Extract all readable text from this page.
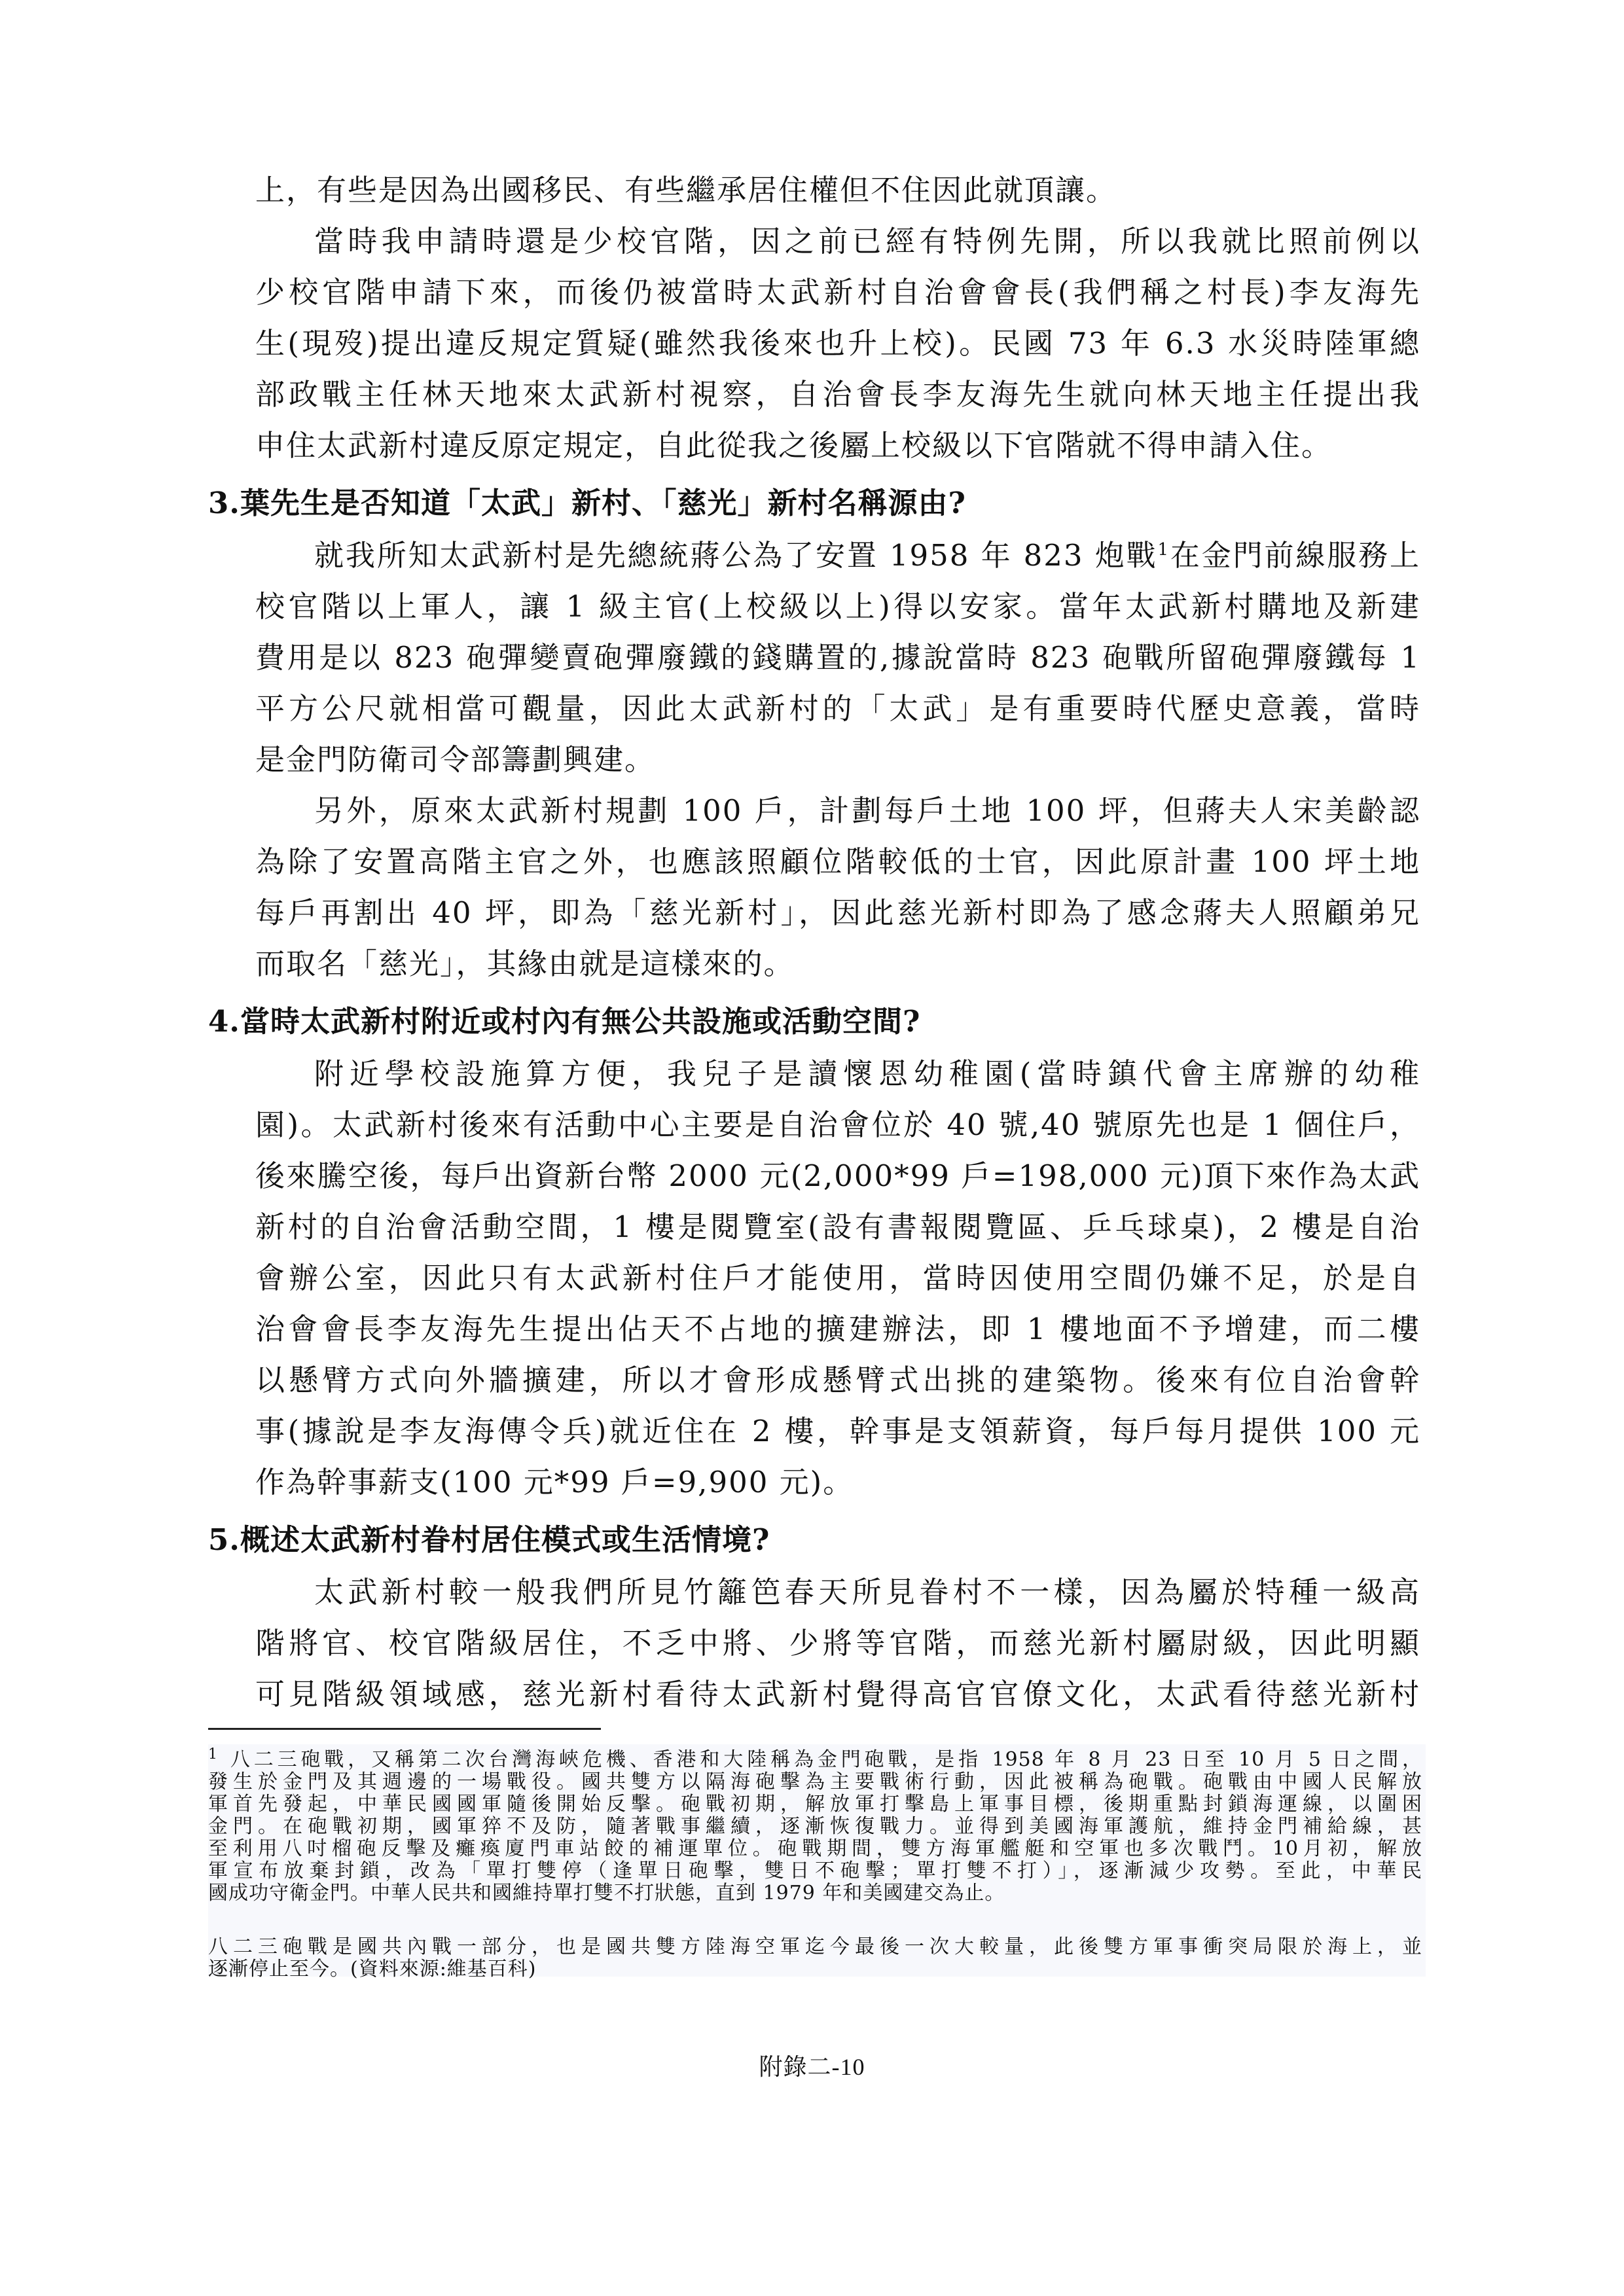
上，有些是因為出國移民、有些繼承居住權但不住因此就頂讓。
當時我申請時還是少校官階，因之前已經有特例先開，所以我就比照前例以
少校官階申請下來，而後仍被當時太武新村自治會會長(我們稱之村長)李友海先
生(現歿)提出違反規定質疑(雖然我後來也升上校)。民國 73 年 6.3 水災時陸軍總
部政戰主任林天地來太武新村視察，自治會長李友海先生就向林天地主任提出我
申住太武新村違反原定規定，自此從我之後屬上校級以下官階就不得申請入住。
3.葉先生是否知道「太武」新村、「慈光」新村名稱源由?
就我所知太武新村是先總統蔣公為了安置 1958 年 823 炮戰$^1$在金門前線服務上
校官階以上軍人，讓 1 級主官(上校級以上)得以安家。當年太武新村購地及新建
費用是以 823 砲彈變賣砲彈廢鐵的錢購置的,據說當時 823 砲戰所留砲彈廢鐵每 1
平方公尺就相當可觀量，因此太武新村的「太武」是有重要時代歷史意義，當時
是金門防衛司令部籌劃興建。
另外，原來太武新村規劃 100 戶，計劃每戶土地 100 坪，但蔣夫人宋美齡認
為除了安置高階主官之外，也應該照顧位階較低的士官，因此原計畫 100 坪土地
每戶再割出 40 坪，即為「慈光新村」，因此慈光新村即為了感念蔣夫人照顧弟兄
而取名「慈光」，其緣由就是這樣來的。
4.當時太武新村附近或村內有無公共設施或活動空間?
附近學校設施算方便，我兒子是讀懷恩幼稚園(當時鎮代會主席辦的幼稚
園)。太武新村後來有活動中心主要是自治會位於 40 號,40 號原先也是 1 個住戶，
後來騰空後，每戶出資新台幣 2000 元(2,000*99 戶=198,000 元)頂下來作為太武
新村的自治會活動空間，1 樓是閱覽室(設有書報閱覽區、乒乓球桌)，2 樓是自治
會辦公室，因此只有太武新村住戶才能使用，當時因使用空間仍嫌不足，於是自
治會會長李友海先生提出佔天不占地的擴建辦法，即 1 樓地面不予增建，而二樓
以懸臂方式向外牆擴建，所以才會形成懸臂式出挑的建築物。後來有位自治會幹
事(據說是李友海傳令兵)就近住在 2 樓，幹事是支領薪資，每戶每月提供 100 元
作為幹事薪支(100 元*99 戶=9,900 元)。
5.概述太武新村眷村居住模式或生活情境?
太武新村較一般我們所見竹籬笆春天所見眷村不一樣，因為屬於特種一級高
階將官、校官階級居住，不乏中將、少將等官階，而慈光新村屬尉級，因此明顯
可見階級領域感，慈光新村看待太武新村覺得高官官僚文化，太武看待慈光新村
$^1$ 八二三砲戰，又稱第二次台灣海峽危機、香港和大陸稱為金門砲戰，是指 1958 年 8 月 23 日至 10 月 5 日之間，
發生於金門及其週邊的一場戰役。國共雙方以隔海砲擊為主要戰術行動，因此被稱為砲戰。砲戰由中國人民解放
軍首先發起，中華民國國軍隨後開始反擊。砲戰初期，解放軍打擊島上軍事目標，後期重點封鎖海運線，以圍困
金門。在砲戰初期，國軍猝不及防，隨著戰事繼續，逐漸恢復戰力。並得到美國海軍護航，維持金門補給線，甚
至利用八吋榴砲反擊及癱瘓廈門車站餃的補運單位。砲戰期間，雙方海軍艦艇和空軍也多次戰鬥。10月初，解放
軍宣布放棄封鎖，改為「單打雙停（逢單日砲擊，雙日不砲擊；單打雙不打）」，逐漸減少攻勢。至此，中華民
國成功守衛金門。中華人民共和國維持單打雙不打狀態，直到 1979 年和美國建交為止。
八二三砲戰是國共內戰一部分，也是國共雙方陸海空軍迄今最後一次大較量，此後雙方軍事衝突局限於海上，並
逐漸停止至今。(資料來源:維基百科)
附錄二-10
